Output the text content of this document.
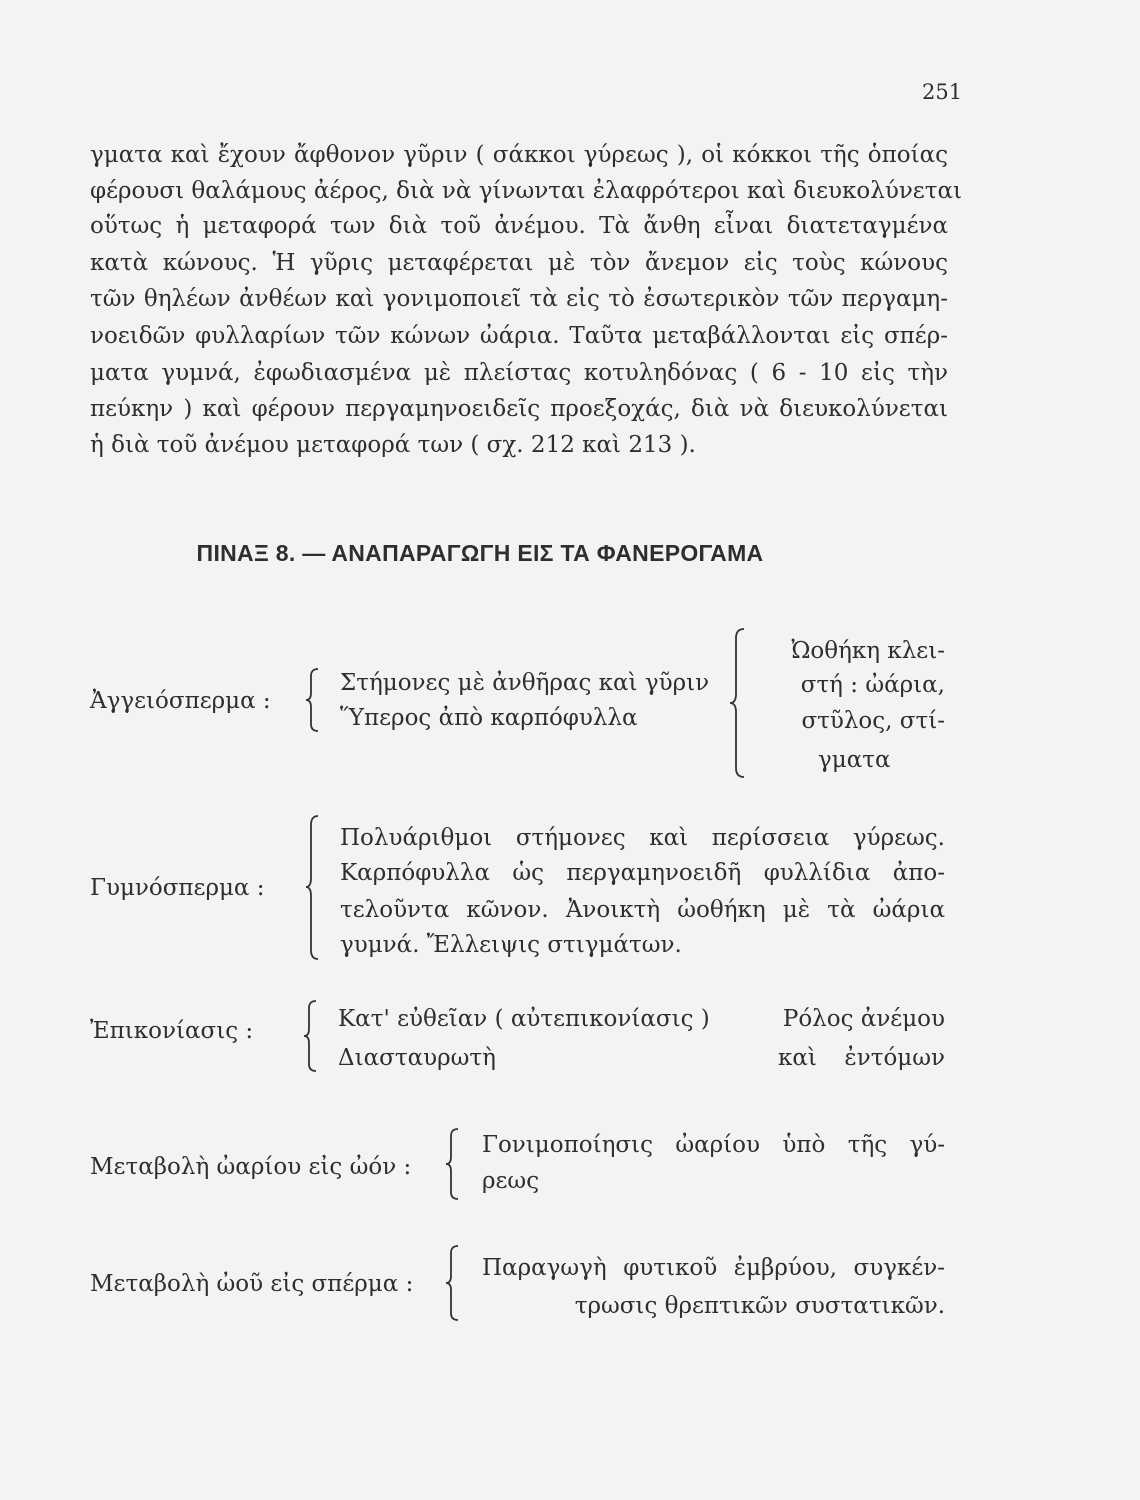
251
γματα καὶ ἔχουν ἄφθονον γῦριν ( σάκκοι γύρεως ), οἱ κόκκοι τῆς ὁποίας
φέρουσι θαλάμους ἀέρος, διὰ νὰ γίνωνται ἐλαφρότεροι καὶ διευκολύνεται
οὕτως ἡ μεταφορά των διὰ τοῦ ἀνέμου. Τὰ ἄνθη εἶναι διατεταγμένα
κατὰ κώνους. Ἡ γῦρις μεταφέρεται μὲ τὸν ἄνεμον εἰς τοὺς κώνους
τῶν θηλέων ἀνθέων καὶ γονιμοποιεῖ τὰ εἰς τὸ ἐσωτερικὸν τῶν περγαμη-
νοειδῶν φυλλαρίων τῶν κώνων ὠάρια. Ταῦτα μεταβάλλονται εἰς σπέρ-
ματα γυμνά, ἐφωδιασμένα μὲ πλείστας κοτυληδόνας ( 6 - 10 εἰς τὴν
πεύκην ) καὶ φέρουν περγαμηνοειδεῖς προεξοχάς, διὰ νὰ διευκολύνεται
ἡ διὰ τοῦ ἀνέμου μεταφορά των ( σχ. 212 καὶ 213 ).
ΠΙΝΑΞ 8. — ΑΝΑΠΑΡΑΓΩΓΗ ΕΙΣ ΤΑ ΦΑΝΕΡΟΓΑΜΑ
Ἀγγειόσπερμα :
Στήμονες μὲ ἀνθῆρας καὶ γῦριν
Ὕπερος ἀπὸ καρπόφυλλα
Ὠοθήκη κλει-
στή : ὠάρια,
στῦλος, στί-
γματα
Γυμνόσπερμα :
Πολυάριθμοι στήμονες καὶ περίσσεια γύρεως.
Καρπόφυλλα ὡς περγαμηνοειδῆ φυλλίδια ἀπο-
τελοῦντα κῶνον. Ἀνοικτὴ ὠοθήκη μὲ τὰ ὠάρια
γυμνά. Ἔλλειψις στιγμάτων.
Ἐπικονίασις :	Κατ' εὐθεῖαν ( αὐτεπικονίασις )
Διασταυρωτὴ
Ρόλος ἀνέμου
καὶ ἐντόμων
Μεταβολὴ ὠαρίου εἰς ὠόν :
Γονιμοποίησις ὠαρίου ὑπὸ τῆς γύ-
ρεως
Μεταβολὴ ὠοῦ εἰς σπέρμα :
Παραγωγὴ φυτικοῦ ἐμβρύου, συγκέν-
τρωσις θρεπτικῶν συστατικῶν.
